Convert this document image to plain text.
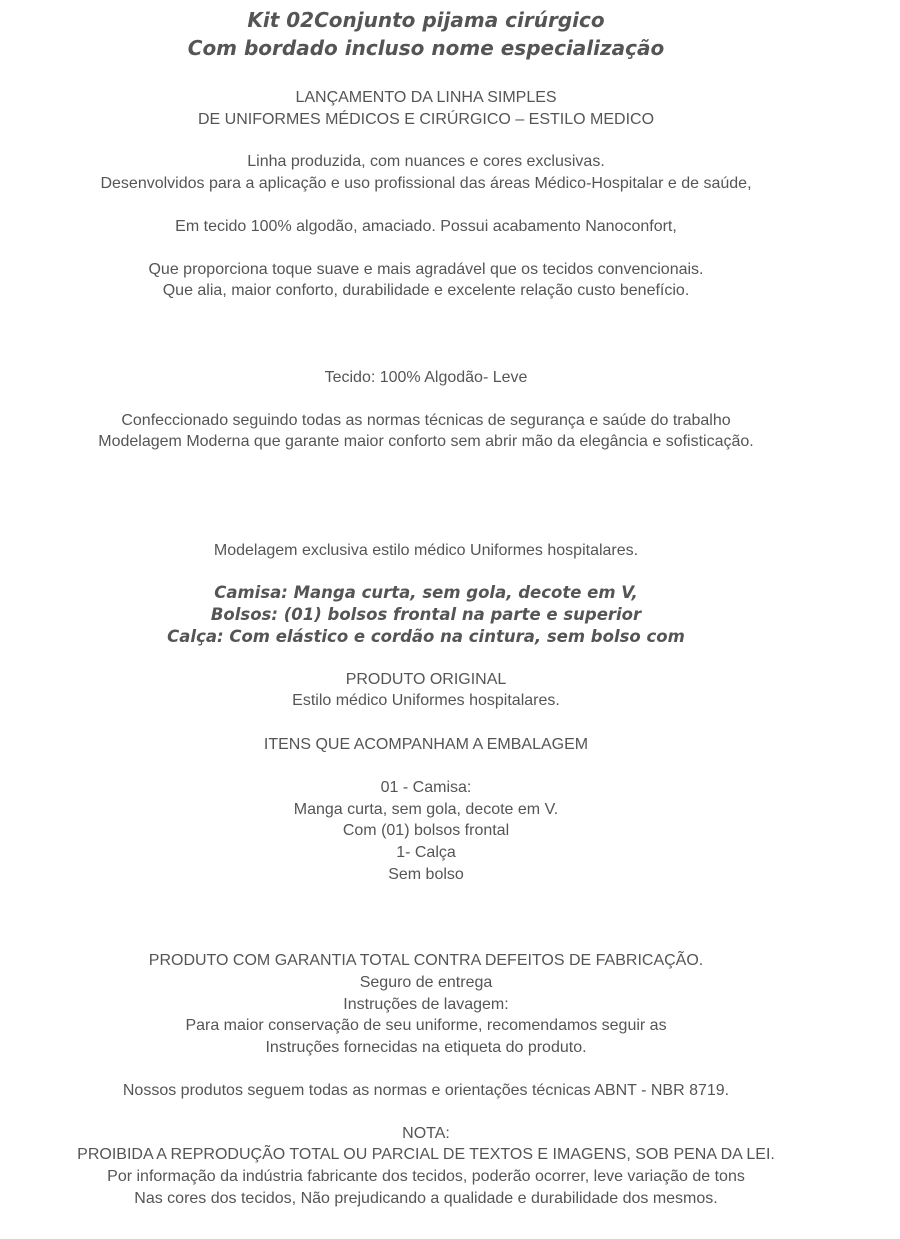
Kit 02Conjunto pijama cirúrgico
Com bordado incluso nome especialização

LANÇAMENTO DA LINHA SIMPLES
DE UNIFORMES MÉDICOS E CIRÚRGICO – ESTILO MEDICO

Linha produzida, com nuances e cores exclusivas.
Desenvolvidos para a aplicação e uso profissional das áreas Médico-Hospitalar e de saúde,

Em tecido 100% algodão, amaciado. Possui acabamento Nanoconfort,

Que proporciona toque suave e mais agradável que os tecidos convencionais.
Que alia, maior conforto, durabilidade e excelente relação custo benefício.

Tecido: 100% Algodão- Leve

Confeccionado seguindo todas as normas técnicas de segurança e saúde do trabalho
Modelagem Moderna que garante maior conforto sem abrir mão da elegância e sofisticação.

Modelagem exclusiva estilo médico Uniformes hospitalares.

Camisa: Manga curta, sem gola, decote em V,
Bolsos: (01) bolsos frontal na parte e superior
Calça: Com elástico e cordão na cintura, sem bolso com

PRODUTO ORIGINAL
Estilo médico Uniformes hospitalares.

ITENS QUE ACOMPANHAM A EMBALAGEM

01 - Camisa:
Manga curta, sem gola, decote em V.
Com (01) bolsos frontal
1- Calça
Sem bolso

PRODUTO COM GARANTIA TOTAL CONTRA DEFEITOS DE FABRICAÇÃO.
Seguro de entrega
Instruções de lavagem:
Para maior conservação de seu uniforme, recomendamos seguir as
Instruções fornecidas na etiqueta do produto.

Nossos produtos seguem todas as normas e orientações técnicas ABNT - NBR 8719.

NOTA:
PROIBIDA A REPRODUÇÃO TOTAL OU PARCIAL DE TEXTOS E IMAGENS, SOB PENA DA LEI.
Por informação da indústria fabricante dos tecidos, poderão ocorrer, leve variação de tons
Nas cores dos tecidos, Não prejudicando a qualidade e durabilidade dos mesmos.
